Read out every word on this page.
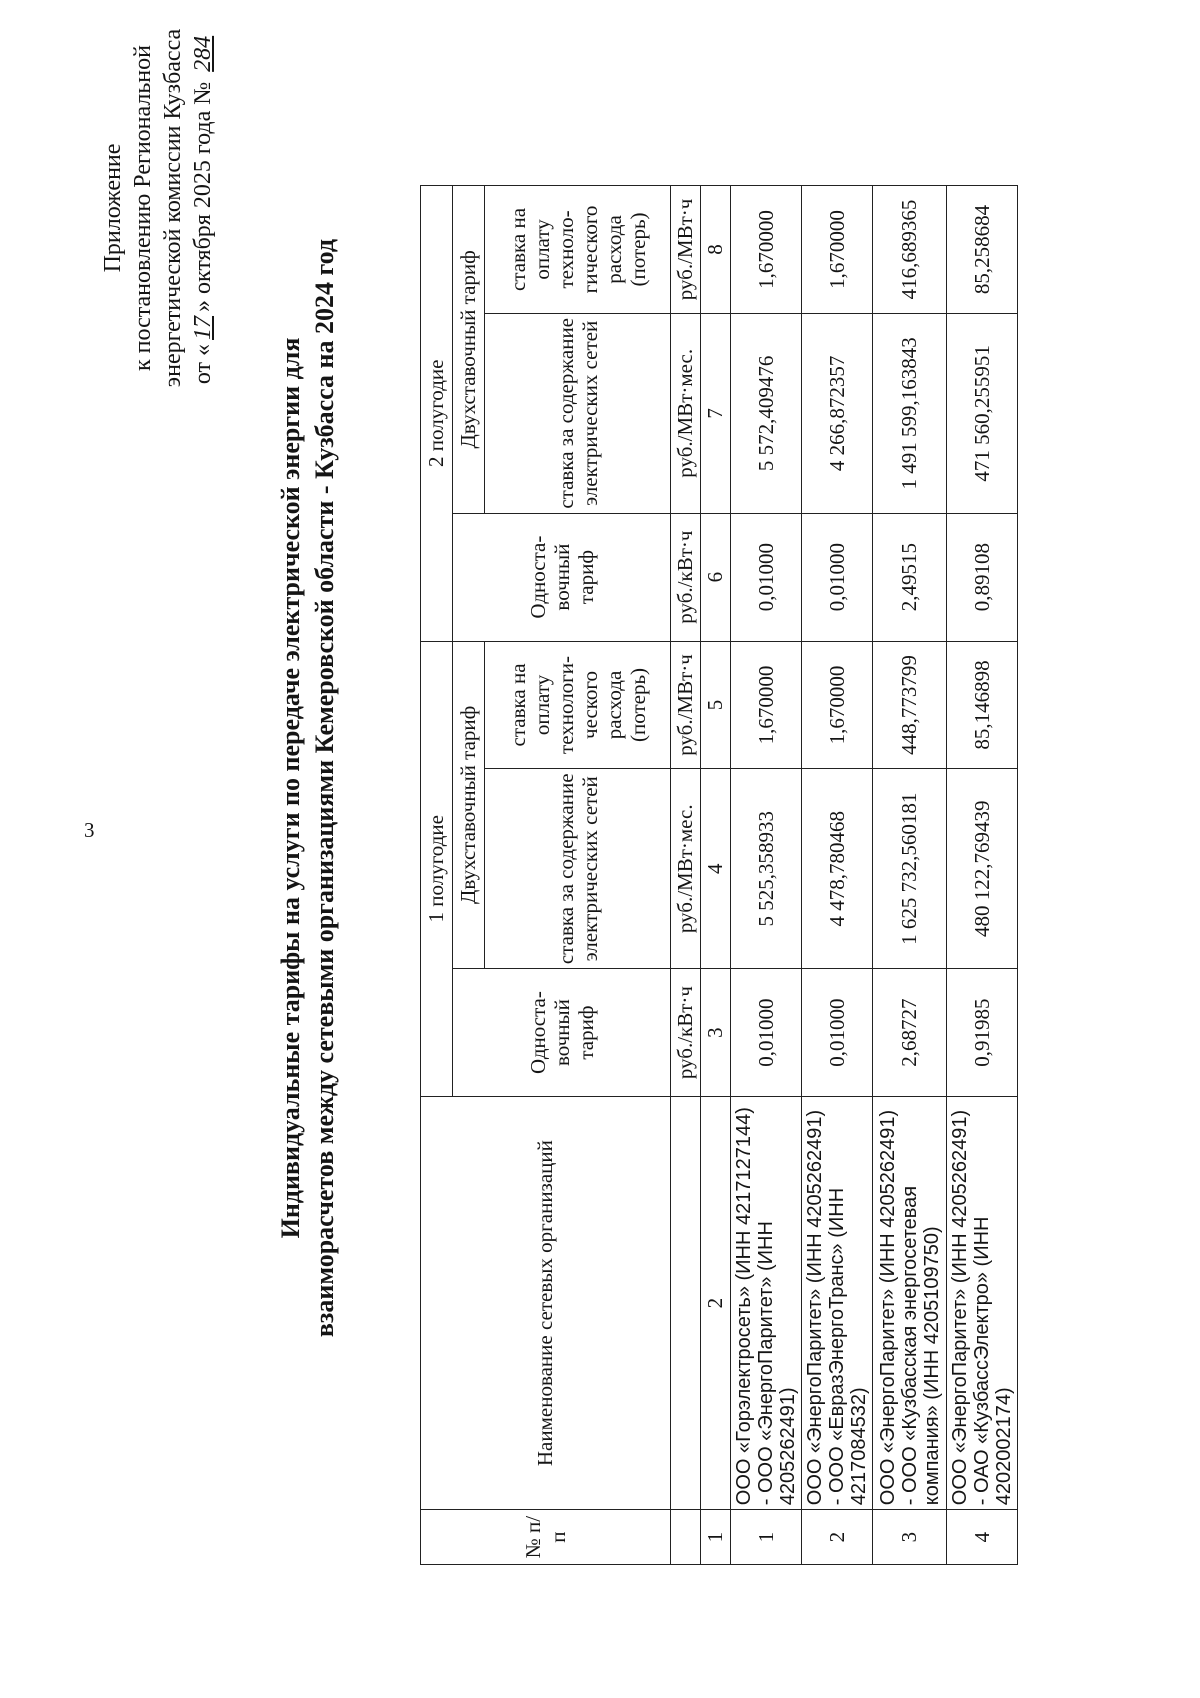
3
Приложение к постановлению Региональной энергетической комиссии Кузбасса от «17» октября 2025 года № 284
Индивидуальные тарифы на услуги по передаче электрической энергии для взаиморасчетов между сетевыми организациями Кемеровской области - Кузбасса на 2024 год
№ п/п	Наименование сетевых организаций	1 полугодие			2 полугодие		
		Односта-вочный тариф	Двухставочный тариф		Односта-вочный тариф	Двухставочный тариф	
			ставка за содержание электрических сетей	ставка на оплату технологи-ческого расхода (потерь)		ставка за содержание электрических сетей	ставка на оплату техноло-гического расхода (потерь)
		руб./кВт·ч	руб./МВт·мес.	руб./МВт·ч	руб./кВт·ч	руб./МВт·мес.	руб./МВт·ч
1	2	3	4	5	6	7	8
1	ООО «Горэлектросеть» (ИНН 4217127144) - ООО «ЭнергоПаритет» (ИНН 4205262491)	0,01000	5 525,358933	1,670000	0,01000	5 572,409476	1,670000
2	ООО «ЭнергоПаритет» (ИНН 4205262491) - ООО «ЕвразЭнергоТранс» (ИНН 4217084532)	0,01000	4 478,780468	1,670000	0,01000	4 266,872357	1,670000
3	ООО «ЭнергоПаритет» (ИНН 4205262491) - ООО «Кузбасская энергосетевая компания» (ИНН 4205109750)	2,68727	1 625 732,560181	448,773799	2,49515	1 491 599,163843	416,689365
4	ООО «ЭнергоПаритет» (ИНН 4205262491) - ОАО «КузбассЭлектро» (ИНН 4202002174)	0,91985	480 122,769439	85,146898	0,89108	471 560,255951	85,258684
